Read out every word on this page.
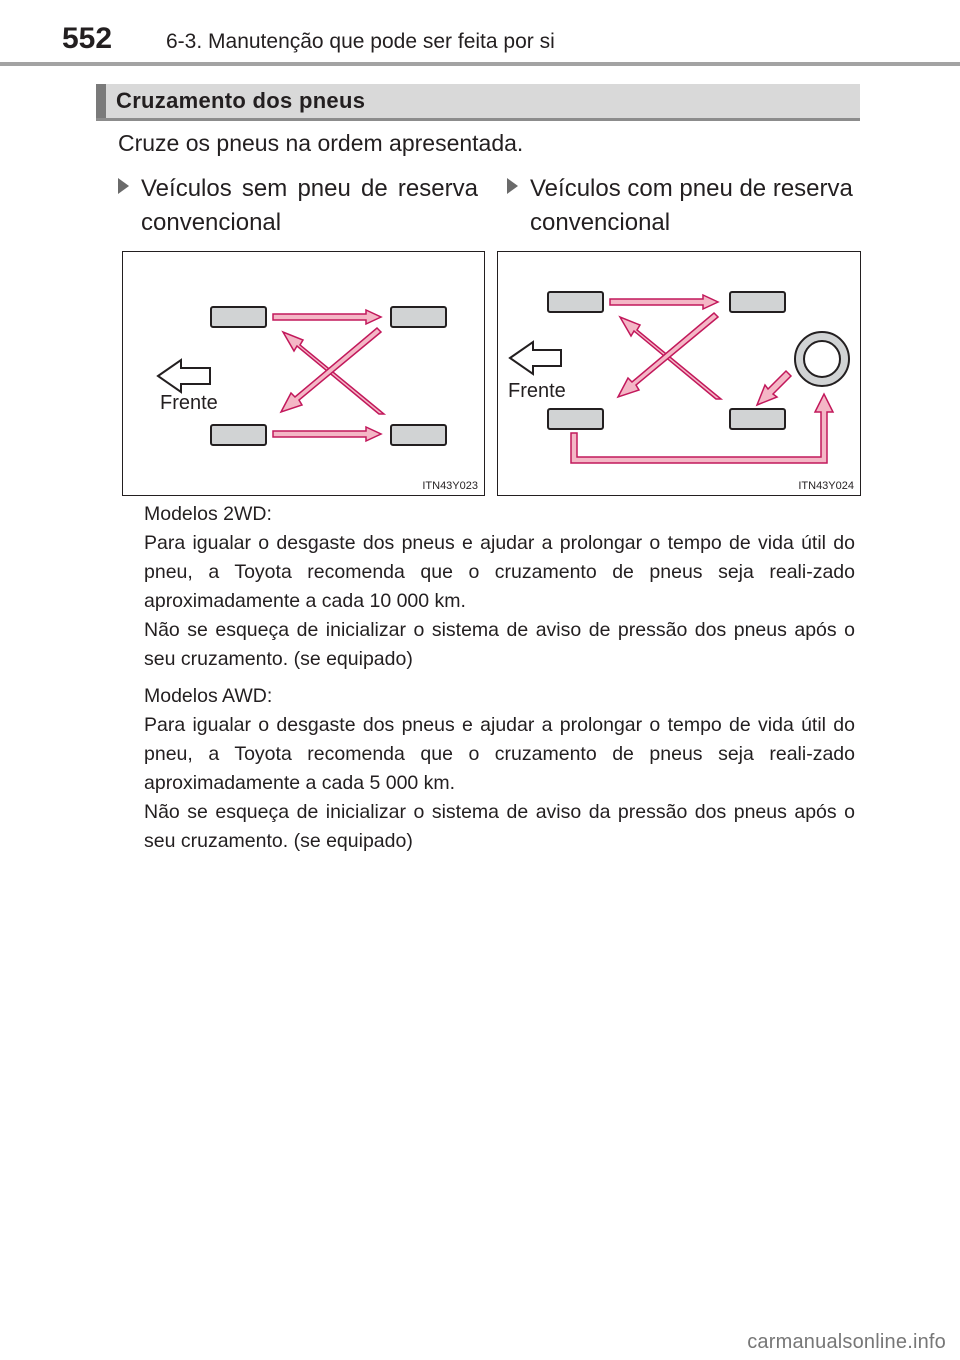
552	6-3. Manutenção que pode ser feita por si
Cruzamento dos pneus
Cruze os pneus na ordem apresentada.
Veículos sem pneu de reserva
convencional
Veículos com pneu de reserva
convencional
Frente
ITN43Y023
Frente
ITN43Y024

Modelos 2WD:

Para igualar o desgaste dos pneus e ajudar a prolongar o tempo de vida útil do pneu, a Toyota recomenda que o cruzamento de pneus seja reali-zado aproximadamente a cada 10 000 km.

Não se esqueça de inicializar o sistema de aviso de pressão dos pneus após o seu cruzamento. (se equipado)

Modelos AWD:

Para igualar o desgaste dos pneus e ajudar a prolongar o tempo de vida útil do pneu, a Toyota recomenda que o cruzamento de pneus seja reali-zado aproximadamente a cada 5 000 km.

Não se esqueça de inicializar o sistema de aviso da pressão dos pneus após o seu cruzamento. (se equipado)

carmanualsonline.info
